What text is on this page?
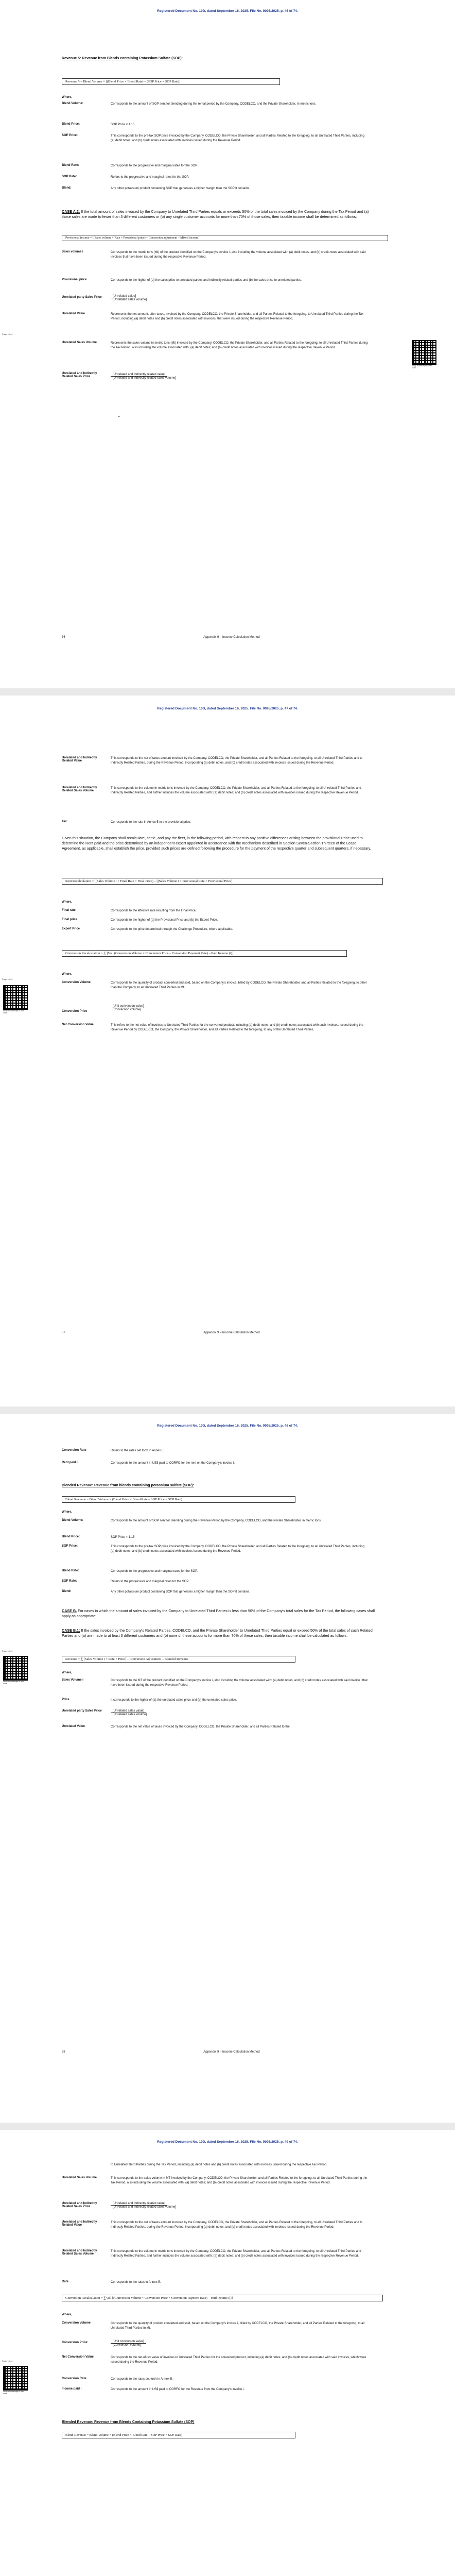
Registered Document No. 10D, dated September 16, 2025. File No. 9095/2025. p. 46 of 74.
Revenue 5: Revenue from Blends containing Potassium Sulfate (SOP):
Revenue 5 = Blend Volume × [(Blend Price × Blend Rate) – (SOP Price × SOP Rate)]
Where,
Blend Volume:	Corresponds to the amount of SOP sent for blending during the rental period by the Company, CODELCO, and the Private Shareholder, in metric tons.
Blend Price:	SOP Price × 1.15
SOP Price:	This corresponds to the pre-tax SOP price invoiced by the Company, CODELCO, the Private Shareholder, and all Parties Related to the foregoing, to all Unrelated Third Parties, including (a) debit notes, and (b) credit notes associated with invoices issued during the Revenue Period.
Blend Rate:	Corresponds to the progressive and marginal rates for the SOP.
SOP Rate:	Refers to the progressive and marginal rates for the SOP.
Blend:	Any other potassium product containing SOP that generates a higher margin than the SOP it contains.
CASE A.2: If the total amount of sales invoiced by the Company to Unrelated Third Parties equals or exceeds 50% of the total sales invoiced by the Company during the Tax Period and (a) those sales are made to fewer than 3 different customers or (b) any single customer accounts for more than 70% of those sales, then taxable income shall be determined as follows:
Provisional income = [(Sales volume × Rate × Provisional price) – Conversion adjustment – Mixed income]
Sales volume i	Corresponds to the metric tons (Mt) of the product identified on the Company's invoice i, also including the volume associated with (a) debit notes, and (b) credit notes associated with said invoices that have been issued during the respective Revenue Period.
Provisional price	Corresponds to the higher of (a) the sales price to unrelated parties and indirectly related parties and (b) the sales price to unrelated parties.
Unrelated party Sales Price	[Unrelated value]
[Unrelated sales volume]
Unrelated Value	Represents the net amount, after taxes, invoiced by the Company, CODELCO, the Private Shareholder, and all Parties Related to the foregoing, to Unrelated Third Parties during the Tax Period, including (a) debit notes and (b) credit notes associated with invoices, that were issued during the respective Revenue Period.
Unrelated Sales Volume	Represents the sales volume in metric tons (Mt) invoiced by the Company, CODELCO, the Private Shareholder, and all Parties Related to the foregoing, to all Unrelated Third Parties during the Tax Period, also including the volume associated with: (a) debit notes; and (b) credit notes associated with invoices issued during the respective Revenue Period.
Unrelated and Indirectly Related Sales Price
[Unrelated and indirectly related value]
[Unrelated and indirectly related sales volume]
•
Page 15/44
Verify at www.fojas.cl with code
36	Appendix 9 – Income Calculation Method
Registered Document No. 10D, dated September 16, 2025. File No. 9095/2025. p. 47 of 74.
Unrelated and Indirectly Related Value
This corresponds to the net of taxes amount invoiced by the Company, CODELCO, the Private Shareholder, and all Parties Related to the foregoing, to all Unrelated Third Parties and to Indirectly Related Parties, during the Revenue Period, incorporating (a) debit notes, and (b) credit notes associated with invoices issued during the Revenue Period.
Unrelated and Indirectly Related Sales Volume
This corresponds to the volume in metric tons invoiced by the Company, CODELCO, the Private Shareholder, and all Parties Related to the foregoing, to all Unrelated Third Parties and Indirectly Related Parties, and further includes the volume associated with: (a) debit notes; and (b) credit notes associated with invoices issued during the respective Revenue Period.
Tax	Corresponds to the rate in Annex 5 to the provisional price.
Given this situation, the Company shall recalculate, settle, and pay the fleet, in the following period, with respect to any positive differences arising between the provisional Price used to determine the Rent paid and the price determined by an independent expert appointed in accordance with the mechanism described in Section Seven-Section Thirteen of the Lease Agreement, as applicable, shall establish the price, provided such prices are defined following the procedure for the payment of the respective quarter and subsequent quarters, if necessary.
Rent Recalculation = [(Sales Volume i × Final Rate × Final Price) – [(Sales Volume i × Provisional Rate × Provisional Price]
Where,
Final rate	Corresponds to the effective rate resulting from the Final Price.
Final price	Corresponds to the higher of (a) the Provisional Price and (b) the Expert Price.
Expert Price	Corresponds to the price determined through the Challenge Procedure, where applicable.
Conversion Recalculation = ∑ [Vol. (Conversion Volume × Conversion Price – Conversion Payment Rate) – Paid Income (i)]
Where,
Conversion Volume	Corresponds to the quantity of product converted and sold, based on the Company's invoice, billed by CODELCO, the Private Shareholder, and all Parties Related to the foregoing, to other than the Company, to all Unrelated Third Parties in Mt.
Conversion Price
[Unit conversion value]
[Conversion volume]
Net Conversion Value	This refers to the net value of invoices to Unrelated Third Parties for the converted product, including (a) debit notes, and (b) credit notes associated with such invoices, issued during the Revenue Period by CODELCO, the Company, the Private Shareholder, and all Parties Related to the foregoing, to any of the Unrelated Third Parties.
Page 15/44
Verify at www.fojas.cl with code
37	Appendix 9 – Income Calculation Method
Registered Document No. 10D, dated September 16, 2025. File No. 9095/2025. p. 48 of 74.
Conversion Rate	Refers to the rates set forth in Annex 5.
Rent paid i	Corresponds to the amount in US$ paid to CORFO for the rent on the Company's invoice i.
Blended Revenue: Revenue from blends containing potassium sulfate (SOP):
Blend Revenue = Blend Volume × (Blend Price × Blend Rate – SOP Price × SOP Rate)
Where,
Blend Volume:	Corresponds to the amount of SOP sent for Blending during the Revenue Period by the Company, CODELCO, and the Private Shareholder, in metric tons.
Blend Price:	SOP Price × 1.15
SOP Price:	This corresponds to the pre-tax SOP price invoiced by the Company, CODELCO, the Private Shareholder, and all Parties Related to the foregoing, to all Unrelated Third Parties, including (a) debit notes, and (b) credit notes associated with invoices issued during the Revenue Period.
Blend Rate:	Corresponds to the progressive and marginal rates for the SOP.
SOP Rate:	Refers to the progressive and marginal rates for the SOP.
Blend:	Any other potassium product containing SOP that generates a higher margin than the SOP it contains.
CASE B. For cases in which the amount of sales invoiced by the Company to Unrelated Third Parties is less than 50% of the Company's total sales for the Tax Period, the following cases shall apply as appropriate:
CASE B.1: If the sales invoiced by the Company's Related Parties, CODELCO, and the Private Shareholder to Unrelated Third Parties equal or exceed 50% of the total sales of such Related Parties and (a) are made to at least 3 different customers and (b) none of these accounts for more than 70% of these sales, then taxable income shall be calculated as follows:
Revenue = ∑ [Sales Volume i × Rate × Price] – Conversion Adjustment – Blended Revenue
Where,
Sales Volume i	Corresponds to the MT of the product identified on the Company's invoice i, also including the volume associated with: (a) debit notes; and (b) credit notes associated with said invoice i that have been issued during the respective Revenue Period.
Price	It corresponds to the higher of (a) the unrelated sales price and (b) the unrelated sales price.
Unrelated party Sales Price	[Unrelated sales value]
[Unrelated sales volume]
Unrelated Value	Corresponds to the net value of taxes invoiced by the Company, CODELCO, the Private Shareholder, and all Parties Related to the
Page 15/44
Verify at www.fojas.cl with code
38	Appendix 9 – Income Calculation Method
Registered Document No. 10D, dated September 16, 2025. File No. 9095/2025. p. 49 of 74.
to Unrelated Third Parties during the Tax Period, including (a) debit notes and (b) credit notes associated with invoices issued during the respective Tax Period.
Unrelated Sales Volume	This corresponds to the sales volume in MT invoiced by the Company, CODELCO, the Private Shareholder, and all Parties Related to the foregoing, to all Unrelated Third Parties during the Tax Period, also including the volume associated with: (a) debit notes; and (b) credit notes associated with invoices issued during the respective Revenue Period.
Unrelated and Indirectly Related Sales Price
[Unrelated and indirectly related value]
[Unrelated and indirectly related sales volume]
Unrelated and Indirectly Related Value
This corresponds to the net of taxes amount invoiced by the Company, CODELCO, the Private Shareholder, and all Parties Related to the foregoing, to all Unrelated Third Parties and to Indirectly Related Parties, during the Revenue Period, incorporating (a) debit notes, and (b) credit notes associated with invoices issued during the Revenue Period.
Unrelated and Indirectly Related Sales Volume
This corresponds to the volume in metric tons invoiced by the Company, CODELCO, the Private Shareholder, and all Parties Related to the foregoing, to all Unrelated Third Parties and Indirectly Related Parties, and further includes the volume associated with: (a) debit notes; and (b) credit notes associated with invoices issued during the respective Revenue Period.
Rate	Corresponds to the rates in Annex 5.
Conversion Recalculation = ∑Vol. [(Conversion Volume × Conversion Price × Conversion Payment Rate) – Paid Income (i)]
Where,
Conversion Volume	Corresponds to the quantity of product converted and sold, based on the Company's invoice i, billed by CODELCO, the Private Shareholder, and all Parties Related to the foregoing, to all Unrelated Third Parties in Mt.
Conversion Price:	[Unit conversion value]
[Conversion volume]
Net Conversion Value:	Corresponds to the net-of-tax value of invoices to Unrelated Third Parties for the converted product, including (a) debit notes, and (b) credit notes associated with said invoices, which were issued during the Revenue Period.
Conversion Rate	Corresponds to the rates set forth in Annex 5.
Income paid i	Corresponds to the amount in US$ paid to CORFO for the Revenue from the Company's invoice i.
Page 15/44
Verify at www.fojas.cl with code
Blended Revenue: Revenue from Blends Containing Potassium Sulfate (SOP)
Blend Revenue = Blend Volume × (Blend Price × Blend Rate – SOP Price × SOP Rate)
